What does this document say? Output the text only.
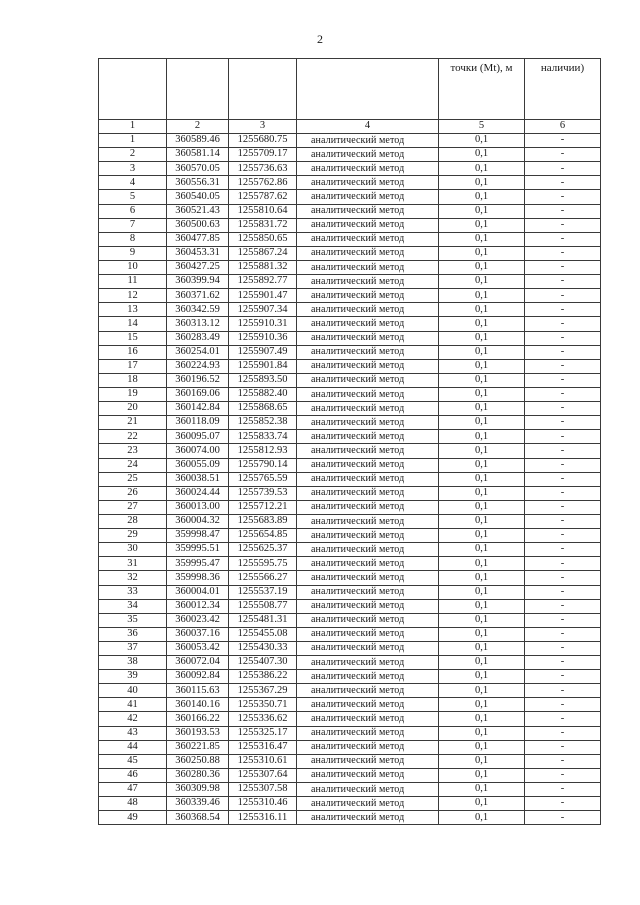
2
				точки (Mt), м	наличии)
1	2	3	4	5	6
1	360589.46	1255680.75	аналитический метод	0,1	-
2	360581.14	1255709.17	аналитический метод	0,1	-
3	360570.05	1255736.63	аналитический метод	0,1	-
4	360556.31	1255762.86	аналитический метод	0,1	-
5	360540.05	1255787.62	аналитический метод	0,1	-
6	360521.43	1255810.64	аналитический метод	0,1	-
7	360500.63	1255831.72	аналитический метод	0,1	-
8	360477.85	1255850.65	аналитический метод	0,1	-
9	360453.31	1255867.24	аналитический метод	0,1	-
10	360427.25	1255881.32	аналитический метод	0,1	-
11	360399.94	1255892.77	аналитический метод	0,1	-
12	360371.62	1255901.47	аналитический метод	0,1	-
13	360342.59	1255907.34	аналитический метод	0,1	-
14	360313.12	1255910.31	аналитический метод	0,1	-
15	360283.49	1255910.36	аналитический метод	0,1	-
16	360254.01	1255907.49	аналитический метод	0,1	-
17	360224.93	1255901.84	аналитический метод	0,1	-
18	360196.52	1255893.50	аналитический метод	0,1	-
19	360169.06	1255882.40	аналитический метод	0,1	-
20	360142.84	1255868.65	аналитический метод	0,1	-
21	360118.09	1255852.38	аналитический метод	0,1	-
22	360095.07	1255833.74	аналитический метод	0,1	-
23	360074.00	1255812.93	аналитический метод	0,1	-
24	360055.09	1255790.14	аналитический метод	0,1	-
25	360038.51	1255765.59	аналитический метод	0,1	-
26	360024.44	1255739.53	аналитический метод	0,1	-
27	360013.00	1255712.21	аналитический метод	0,1	-
28	360004.32	1255683.89	аналитический метод	0,1	-
29	359998.47	1255654.85	аналитический метод	0,1	-
30	359995.51	1255625.37	аналитический метод	0,1	-
31	359995.47	1255595.75	аналитический метод	0,1	-
32	359998.36	1255566.27	аналитический метод	0,1	-
33	360004.01	1255537.19	аналитический метод	0,1	-
34	360012.34	1255508.77	аналитический метод	0,1	-
35	360023.42	1255481.31	аналитический метод	0,1	-
36	360037.16	1255455.08	аналитический метод	0,1	-
37	360053.42	1255430.33	аналитический метод	0,1	-
38	360072.04	1255407.30	аналитический метод	0,1	-
39	360092.84	1255386.22	аналитический метод	0,1	-
40	360115.63	1255367.29	аналитический метод	0,1	-
41	360140.16	1255350.71	аналитический метод	0,1	-
42	360166.22	1255336.62	аналитический метод	0,1	-
43	360193.53	1255325.17	аналитический метод	0,1	-
44	360221.85	1255316.47	аналитический метод	0,1	-
45	360250.88	1255310.61	аналитический метод	0,1	-
46	360280.36	1255307.64	аналитический метод	0,1	-
47	360309.98	1255307.58	аналитический метод	0,1	-
48	360339.46	1255310.46	аналитический метод	0,1	-
49	360368.54	1255316.11	аналитический метод	0,1	-
